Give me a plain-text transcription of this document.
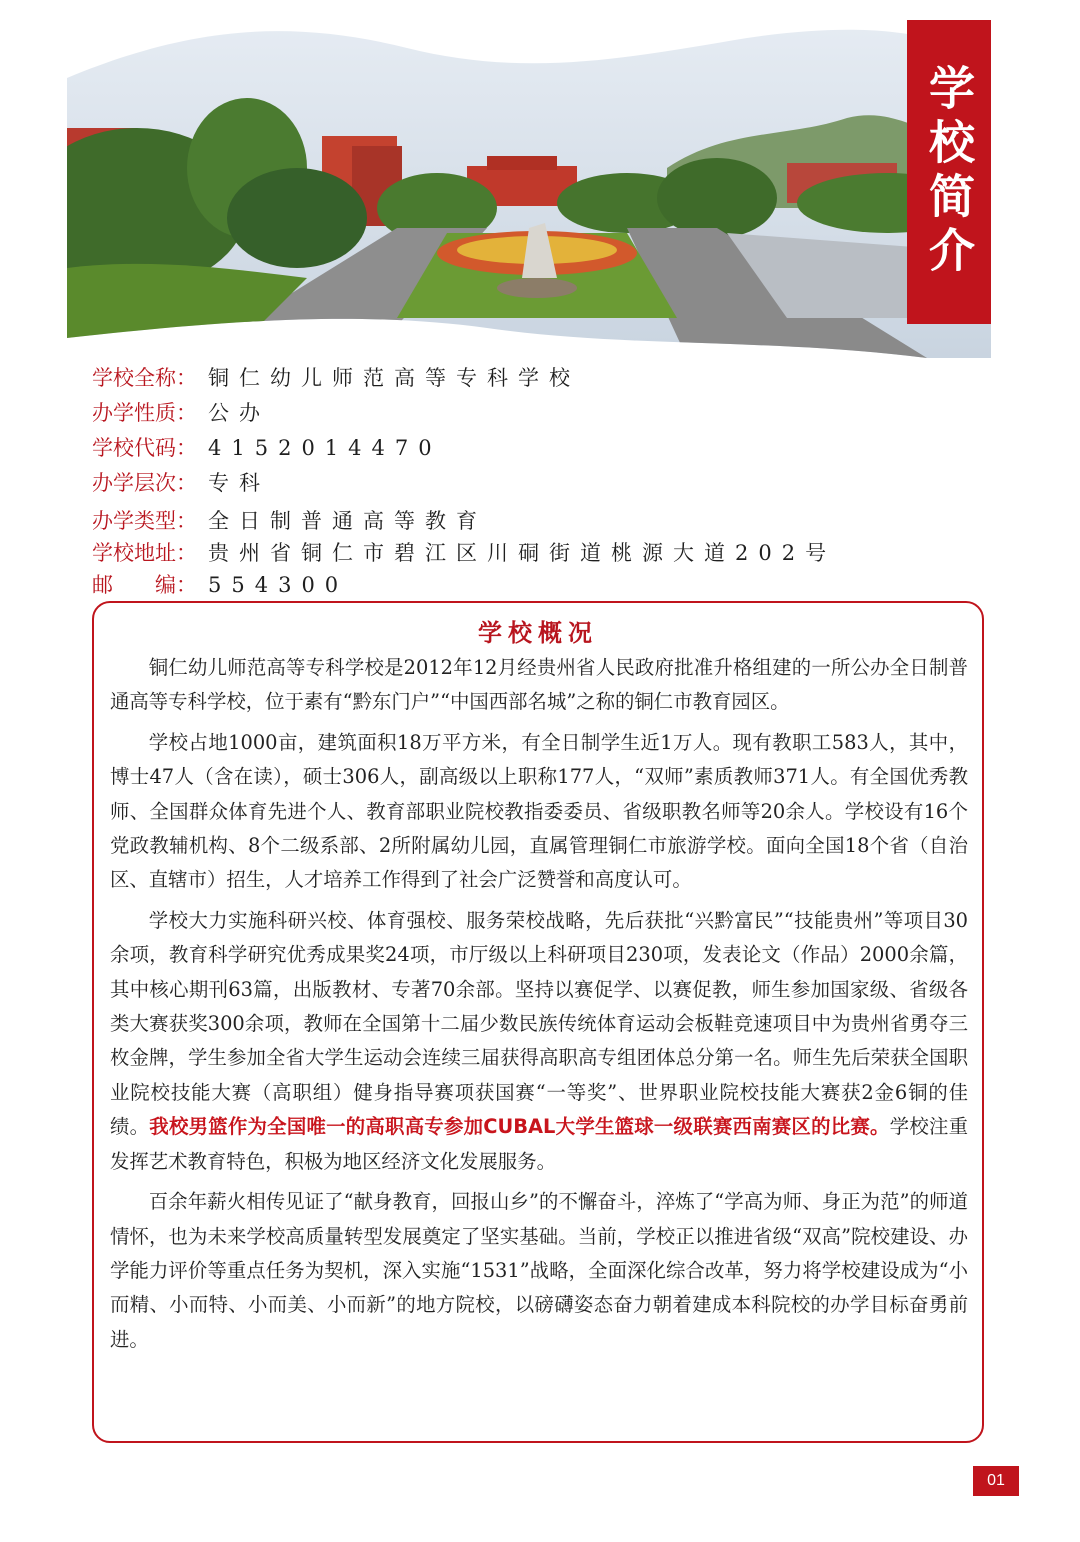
学校简介
学校全称： 铜仁幼儿师范高等专科学校
办学性质： 公办
学校代码： 4152014470
办学层次： 专科
办学类型： 全日制普通高等教育
学校地址： 贵州省铜仁市碧江区川硐街道桃源大道202号
邮　　编： 554300
学校概况

铜仁幼儿师范高等专科学校是2012年12月经贵州省人民政府批准升格组建的一所公办全日制普通高等专科学校，位于素有“黔东门户”“中国西部名城”之称的铜仁市教育园区。

学校占地1000亩，建筑面积18万平方米，有全日制学生近1万人。现有教职工583人，其中，博士47人（含在读），硕士306人，副高级以上职称177人，“双师”素质教师371人。有全国优秀教师、全国群众体育先进个人、教育部职业院校教指委委员、省级职教名师等20余人。学校设有16个党政教辅机构、8个二级系部、2所附属幼儿园，直属管理铜仁市旅游学校。面向全国18个省（自治区、直辖市）招生，人才培养工作得到了社会广泛赞誉和高度认可。

学校大力实施科研兴校、体育强校、服务荣校战略，先后获批“兴黔富民”“技能贵州”等项目30余项，教育科学研究优秀成果奖24项，市厅级以上科研项目230项，发表论文（作品）2000余篇，其中核心期刊63篇，出版教材、专著70余部。坚持以赛促学、以赛促教，师生参加国家级、省级各类大赛获奖300余项，教师在全国第十二届少数民族传统体育运动会板鞋竞速项目中为贵州省勇夺三枚金牌，学生参加全省大学生运动会连续三届获得高职高专组团体总分第一名。师生先后荣获全国职业院校技能大赛（高职组）健身指导赛项获国赛“一等奖”、世界职业院校技能大赛获2金6铜的佳绩。我校男篮作为全国唯一的高职高专参加CUBAL大学生篮球一级联赛西南赛区的比赛。学校注重发挥艺术教育特色，积极为地区经济文化发展服务。

百余年薪火相传见证了“献身教育，回报山乡”的不懈奋斗，淬炼了“学高为师、身正为范”的师道情怀，也为未来学校高质量转型发展奠定了坚实基础。当前，学校正以推进省级“双高”院校建设、办学能力评价等重点任务为契机，深入实施“1531”战略，全面深化综合改革，努力将学校建设成为“小而精、小而特、小而美、小而新”的地方院校，以磅礴姿态奋力朝着建成本科院校的办学目标奋勇前进。

01
